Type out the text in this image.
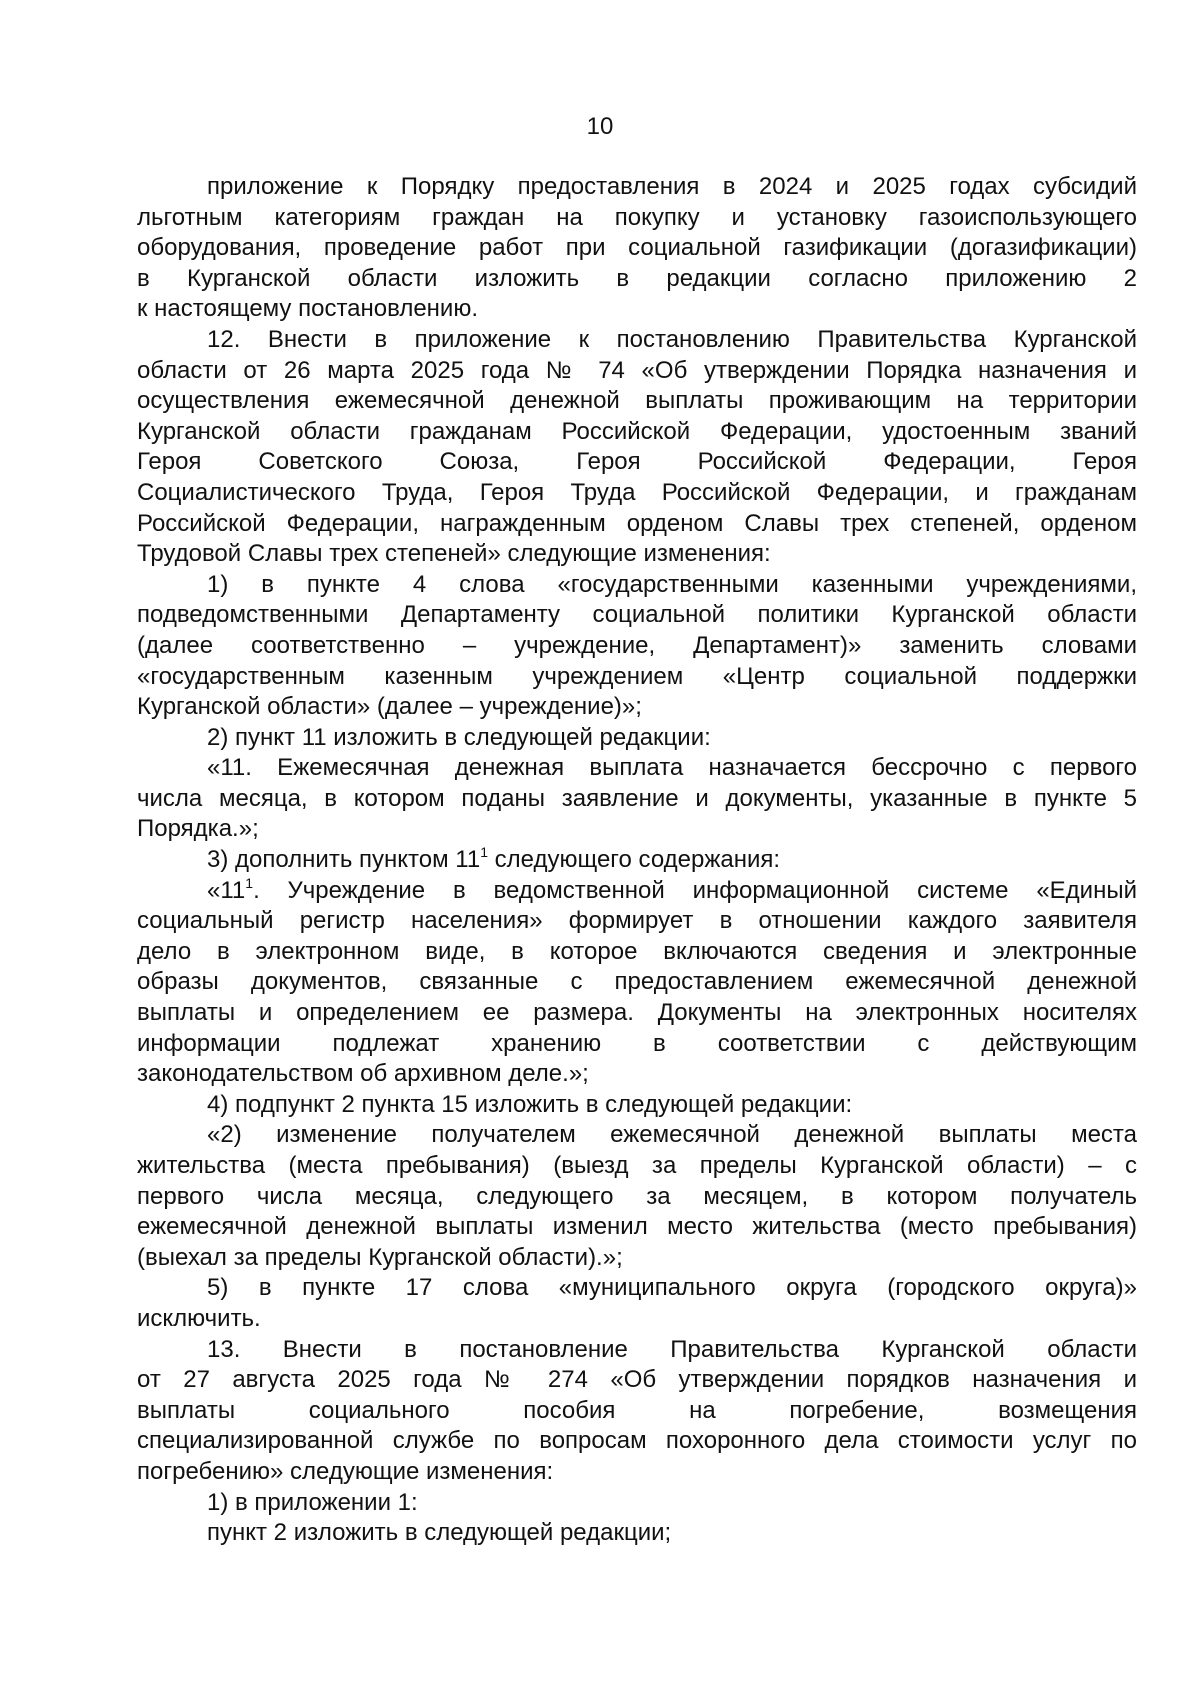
10
приложение к Порядку предоставления в 2024 и 2025 годах субсидий
льготным категориям граждан на покупку и установку газоиспользующего
оборудования, проведение работ при социальной газификации (догазификации)
в Курганской области изложить в редакции согласно приложению 2
к настоящему постановлению.
12. Внести в приложение к постановлению Правительства Курганской
области от 26 марта 2025 года № 74 «Об утверждении Порядка назначения и
осуществления ежемесячной денежной выплаты проживающим на территории
Курганской области гражданам Российской Федерации, удостоенным званий
Героя Советского Союза, Героя Российской Федерации, Героя
Социалистического Труда, Героя Труда Российской Федерации, и гражданам
Российской Федерации, награжденным орденом Славы трех степеней, орденом
Трудовой Славы трех степеней» следующие изменения:
1) в пункте 4 слова «государственными казенными учреждениями,
подведомственными Департаменту социальной политики Курганской области
(далее соответственно – учреждение, Департамент)» заменить словами
«государственным казенным учреждением «Центр социальной поддержки
Курганской области» (далее – учреждение)»;
2) пункт 11 изложить в следующей редакции:
«11. Ежемесячная денежная выплата назначается бессрочно с первого
числа месяца, в котором поданы заявление и документы, указанные в пункте 5
Порядка.»;
3) дополнить пунктом $11^1$ следующего содержания:
«$11^1$. Учреждение в ведомственной информационной системе «Единый
социальный регистр населения» формирует в отношении каждого заявителя
дело в электронном виде, в которое включаются сведения и электронные
образы документов, связанные с предоставлением ежемесячной денежной
выплаты и определением ее размера. Документы на электронных носителях
информации подлежат хранению в соответствии с действующим
законодательством об архивном деле.»;
4) подпункт 2 пункта 15 изложить в следующей редакции:
«2) изменение получателем ежемесячной денежной выплаты места
жительства (места пребывания) (выезд за пределы Курганской области) – с
первого числа месяца, следующего за месяцем, в котором получатель
ежемесячной денежной выплаты изменил место жительства (место пребывания)
(выехал за пределы Курганской области).»;
5) в пункте 17 слова «муниципального округа (городского округа)»
исключить.
13. Внести в постановление Правительства Курганской области
от 27 августа 2025 года № 274 «Об утверждении порядков назначения и
выплаты социального пособия на погребение, возмещения
специализированной службе по вопросам похоронного дела стоимости услуг по
погребению» следующие изменения:
1) в приложении 1:
пункт 2 изложить в следующей редакции;
